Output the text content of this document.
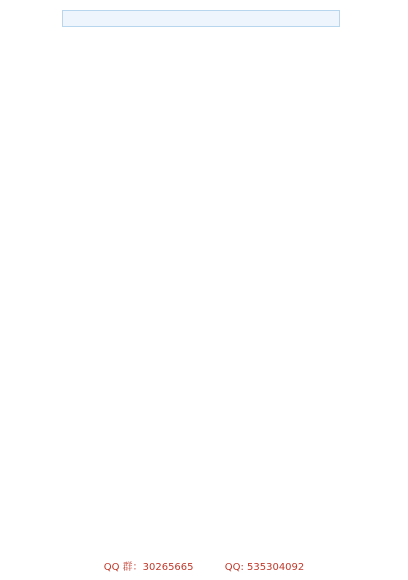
QQ 群：30265665	QQ: 535304092
